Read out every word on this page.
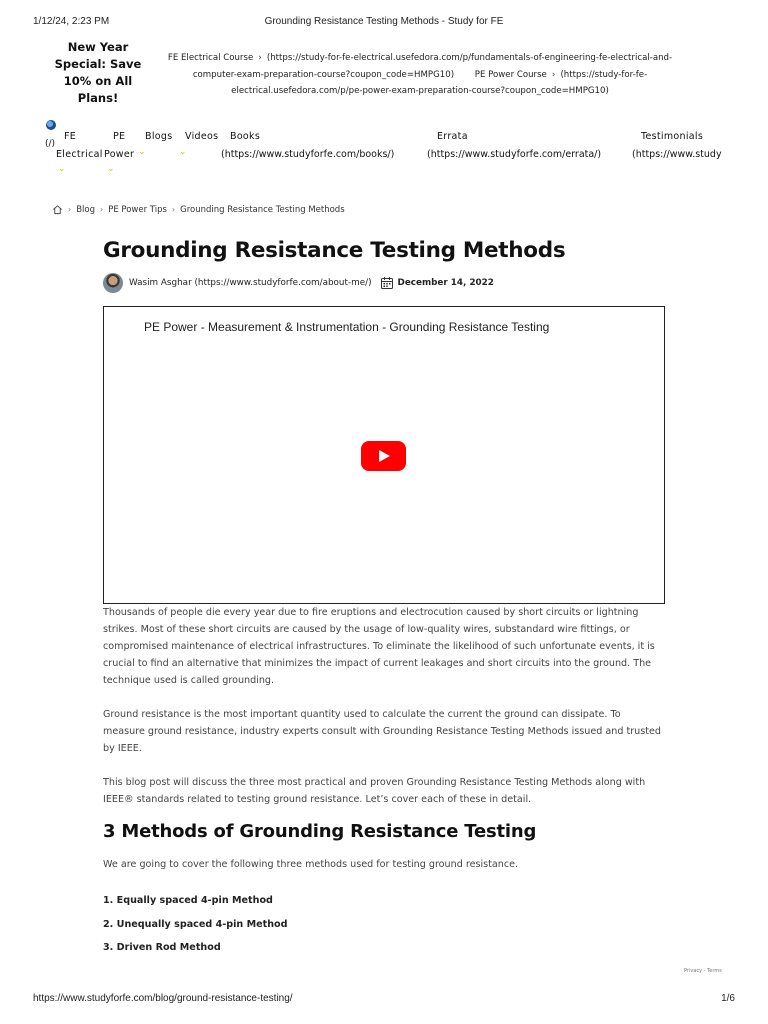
1/12/24, 2:23 PM	Grounding Resistance Testing Methods - Study for FE
New Year Special: Save 10% on All Plans!
FE Electrical Course › (https://study-for-fe-electrical.usefedora.com/p/fundamentals-of-engineering-fe-electrical-and-computer-exam-preparation-course?coupon_code=HMPG10) PE Power Course › (https://study-for-fe-electrical.usefedora.com/p/pe-power-exam-preparation-course?coupon_code=HMPG10)
(/)
FE
Electrical
⌄
PE
Power ⌄
⌄
Blogs Videos
⌄
Books
(https://www.studyforfe.com/books/)
Errata
(https://www.studyforfe.com/errata/)
Testimonials
(https://www.study
› Blog › PE Power Tips › Grounding Resistance Testing Methods
Grounding Resistance Testing Methods
Wasim Asghar (https://www.studyforfe.com/about-me/)	December 14, 2022
PE Power - Measurement & Instrumentation - Grounding Resistance Testing

Thousands of people die every year due to fire eruptions and electrocution caused by short circuits or lightning strikes. Most of these short circuits are caused by the usage of low-quality wires, substandard wire fittings, or compromised maintenance of electrical infrastructures. To eliminate the likelihood of such unfortunate events, it is crucial to find an alternative that minimizes the impact of current leakages and short circuits into the ground. The technique used is called grounding.

Ground resistance is the most important quantity used to calculate the current the ground can dissipate. To measure ground resistance, industry experts consult with Grounding Resistance Testing Methods issued and trusted by IEEE.

This blog post will discuss the three most practical and proven Grounding Resistance Testing Methods along with IEEE® standards related to testing ground resistance. Let’s cover each of these in detail.

3 Methods of Grounding Resistance Testing

We are going to cover the following three methods used for testing ground resistance.

1. Equally spaced 4-pin Method
2. Unequally spaced 4-pin Method
3. Driven Rod Method
Privacy - Terms
https://www.studyforfe.com/blog/ground-resistance-testing/	1/6
